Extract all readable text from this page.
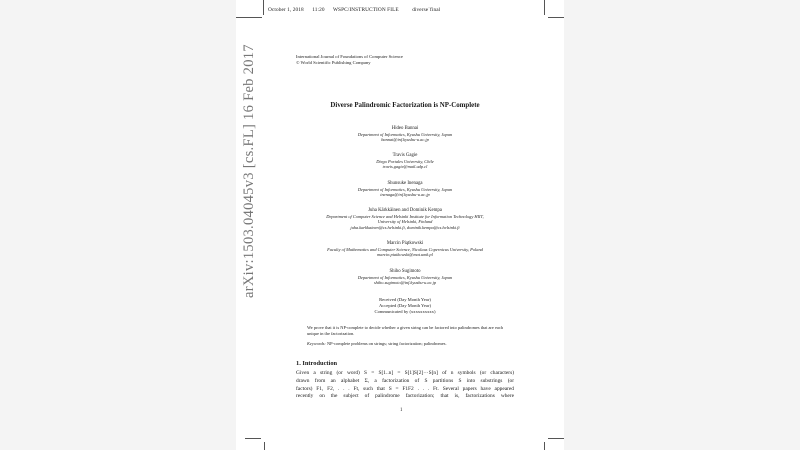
October 1, 2018 11:20 WSPC/INSTRUCTION FILE	diverse˙final
arXiv:1503.04045v3 [cs.FL] 16 Feb 2017	International Journal of Foundations of Computer Science
© World Scientific Publishing Company
Diverse Palindromic Factorization is NP-Complete
Hideo Bannai
Department of Informatics, Kyushu University, Japan
bannai@inf.kyushu-u.ac.jp
Travis Gagie
Diego Portales University, Chile
travis.gagie@mail.udp.cl
Shunsuke Inenaga
Department of Informatics, Kyushu University, Japan
inenaga@inf.kyushu-u.ac.jp
Juha Kärkkäinen and Dominik Kempa
Department of Computer Science and Helsinki Institute for Information Technology HIIT,
University of Helsinki, Finland
juha.karkkainen@cs.helsinki.fi, dominik.kempa@cs.helsinki.fi
Marcin Piątkowski
Faculty of Mathematics and Computer Science, Nicolaus Copernicus University, Poland
marcin.piatkowski@mat.umk.pl
Shiho Sugimoto
Department of Informatics, Kyushu University, Japan
shiho.sugimoto@inf.kyushu-u.ac.jp
Received (Day Month Year)
Accepted (Day Month Year)
Communicated by (xxxxxxxxxx)
We prove that it is NP-complete to decide whether a given string can be factored into palindromes that are each unique in the factorization.
Keywords: NP-complete problems on strings; string factorization; palindromes.
1. Introduction
Given a string (or word) S = S[1..n] = S[1]S[2]···S[n] of n symbols (or characters)
drawn from an alphabet Σ, a factorization of S partitions S into substrings (or
factors) F1, F2, . . . Ft, such that S = F1F2 . . . Ft. Several papers have appeared
recently on the subject of palindrome factorization; that is, factorizations where
1
